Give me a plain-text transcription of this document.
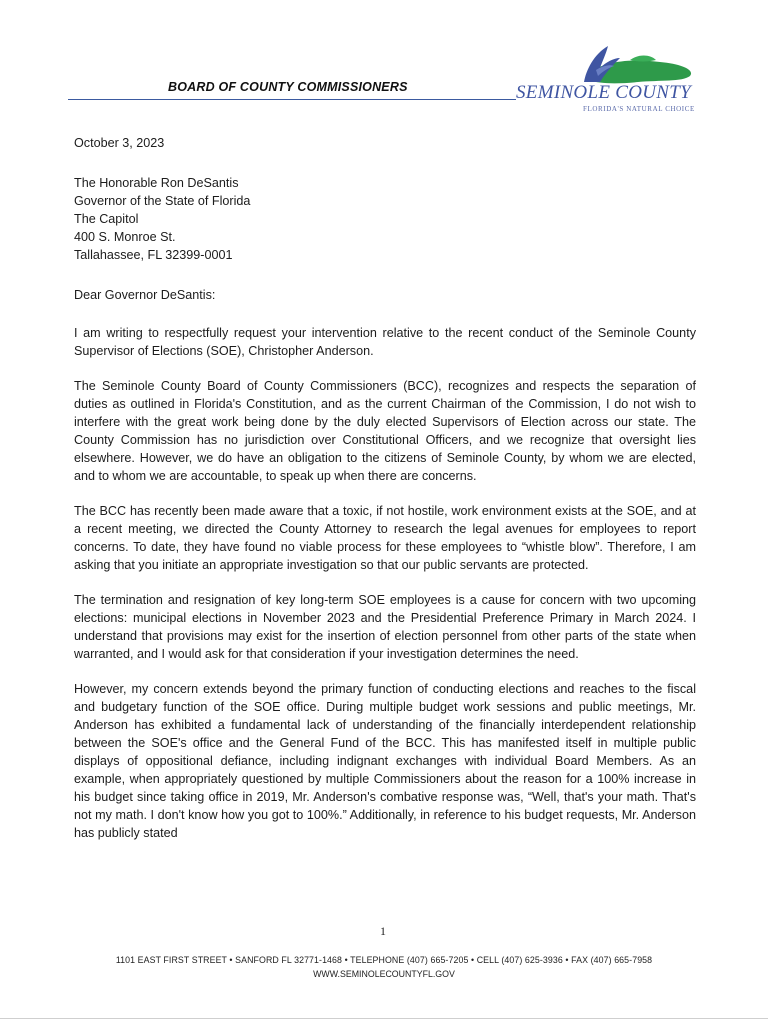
BOARD OF COUNTY COMMISSIONERS	SEMINOLE COUNTY
FLORIDA'S NATURAL CHOICE
October 3, 2023
The Honorable Ron DeSantis
Governor of the State of Florida
The Capitol
400 S. Monroe St.
Tallahassee, FL 32399-0001
Dear Governor DeSantis:

I am writing to respectfully request your intervention relative to the recent conduct of the Seminole County Supervisor of Elections (SOE), Christopher Anderson.

The Seminole County Board of County Commissioners (BCC), recognizes and respects the separation of duties as outlined in Florida's Constitution, and as the current Chairman of the Commission, I do not wish to interfere with the great work being done by the duly elected Supervisors of Election across our state. The County Commission has no jurisdiction over Constitutional Officers, and we recognize that oversight lies elsewhere. However, we do have an obligation to the citizens of Seminole County, by whom we are elected, and to whom we are accountable, to speak up when there are concerns.

The BCC has recently been made aware that a toxic, if not hostile, work environment exists at the SOE, and at a recent meeting, we directed the County Attorney to research the legal avenues for employees to report concerns. To date, they have found no viable process for these employees to “whistle blow”. Therefore, I am asking that you initiate an appropriate investigation so that our public servants are protected.

The termination and resignation of key long-term SOE employees is a cause for concern with two upcoming elections: municipal elections in November 2023 and the Presidential Preference Primary in March 2024. I understand that provisions may exist for the insertion of election personnel from other parts of the state when warranted, and I would ask for that consideration if your investigation determines the need.

However, my concern extends beyond the primary function of conducting elections and reaches to the fiscal and budgetary function of the SOE office. During multiple budget work sessions and public meetings, Mr. Anderson has exhibited a fundamental lack of understanding of the financially interdependent relationship between the SOE's office and the General Fund of the BCC. This has manifested itself in multiple public displays of oppositional defiance, including indignant exchanges with individual Board Members. As an example, when appropriately questioned by multiple Commissioners about the reason for a 100% increase in his budget since taking office in 2019, Mr. Anderson's combative response was, “Well, that's your math. That's not my math. I don't know how you got to 100%.” Additionally, in reference to his budget requests, Mr. Anderson has publicly stated

1
1101 EAST FIRST STREET • SANFORD FL 32771-1468 • TELEPHONE (407) 665-7205 • CELL (407) 625-3936 • FAX (407) 665-7958
WWW.SEMINOLECOUNTYFL.GOV
